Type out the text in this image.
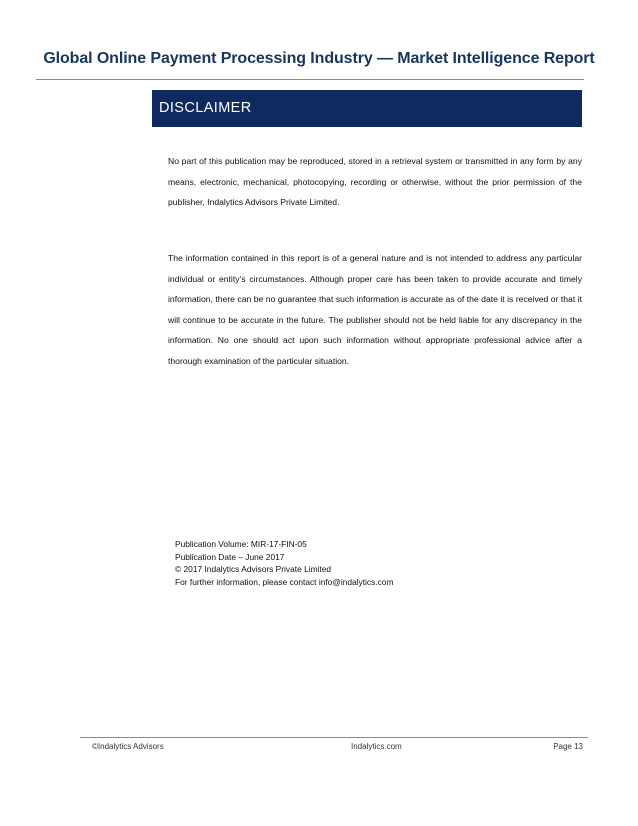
Global Online Payment Processing Industry — Market Intelligence Report
DISCLAIMER

No part of this publication may be reproduced, stored in a retrieval system or transmitted in any form by any means, electronic, mechanical, photocopying, recording or otherwise, without the prior permission of the publisher, Indalytics Advisors Private Limited.

The information contained in this report is of a general nature and is not intended to address any particular individual or entity’s circumstances. Although proper care has been taken to provide accurate and timely information, there can be no guarantee that such information is accurate as of the date it is received or that it will continue to be accurate in the future. The publisher should not be held liable for any discrepancy in the information. No one should act upon such information without appropriate professional advice after a thorough examination of the particular situation.

Publication Volume: MIR-17-FIN-05
Publication Date – June 2017
© 2017 Indalytics Advisors Private Limited
For further information, please contact info@indalytics.com
©Indalytics Advisors	Indalytics.com	Page 13
